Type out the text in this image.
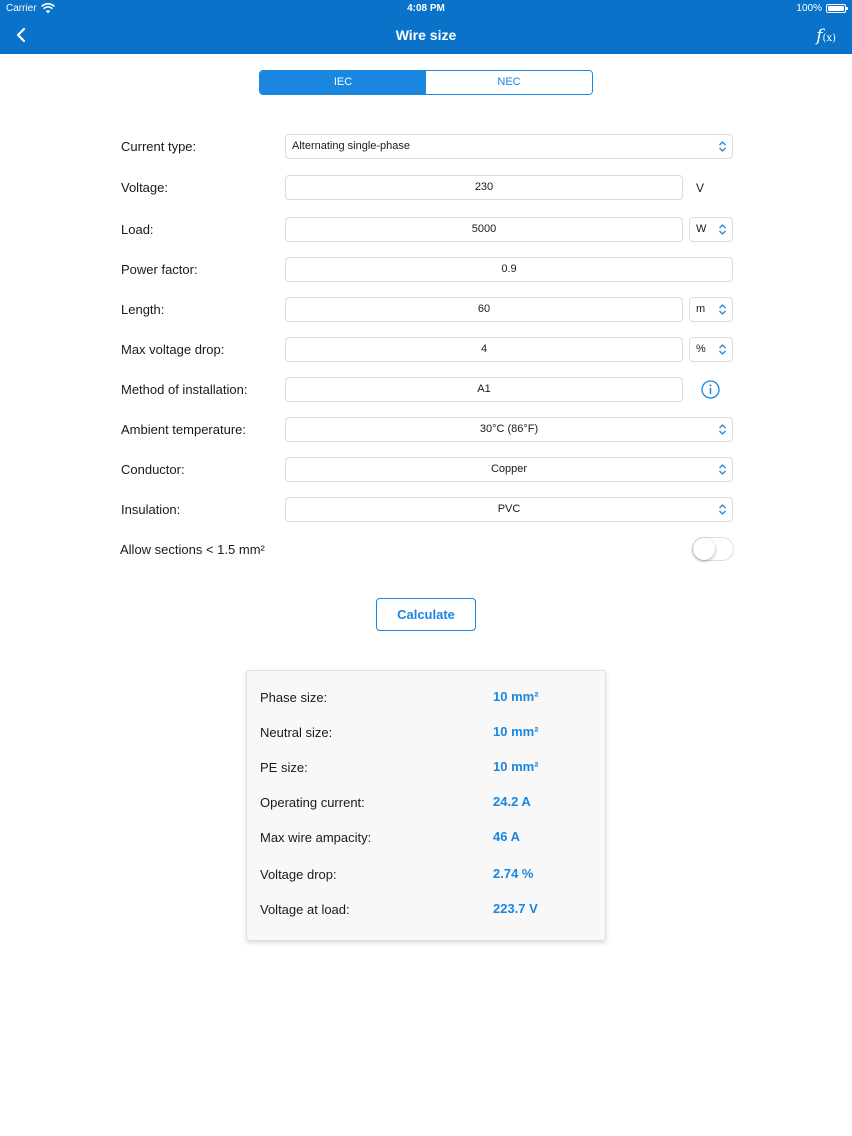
Carrier	4:08 PM	100%
Wire size	f(x)
IEC	NEC
Current type:	Alternating single-phase
Voltage:	230	V
Load:	5000	W
Power factor:	0.9
Length:	60	m
Max voltage drop:	4	%
Method of installation:	A1
Ambient temperature:	30°C (86°F)
Conductor:	Copper
Insulation:	PVC
Allow sections < 1.5 mm²
Calculate
Phase size:	10 mm²
Neutral size:	10 mm²
PE size:	10 mm²
Operating current:	24.2 A
Max wire ampacity:	46 A
Voltage drop:	2.74 %
Voltage at load:	223.7 V
